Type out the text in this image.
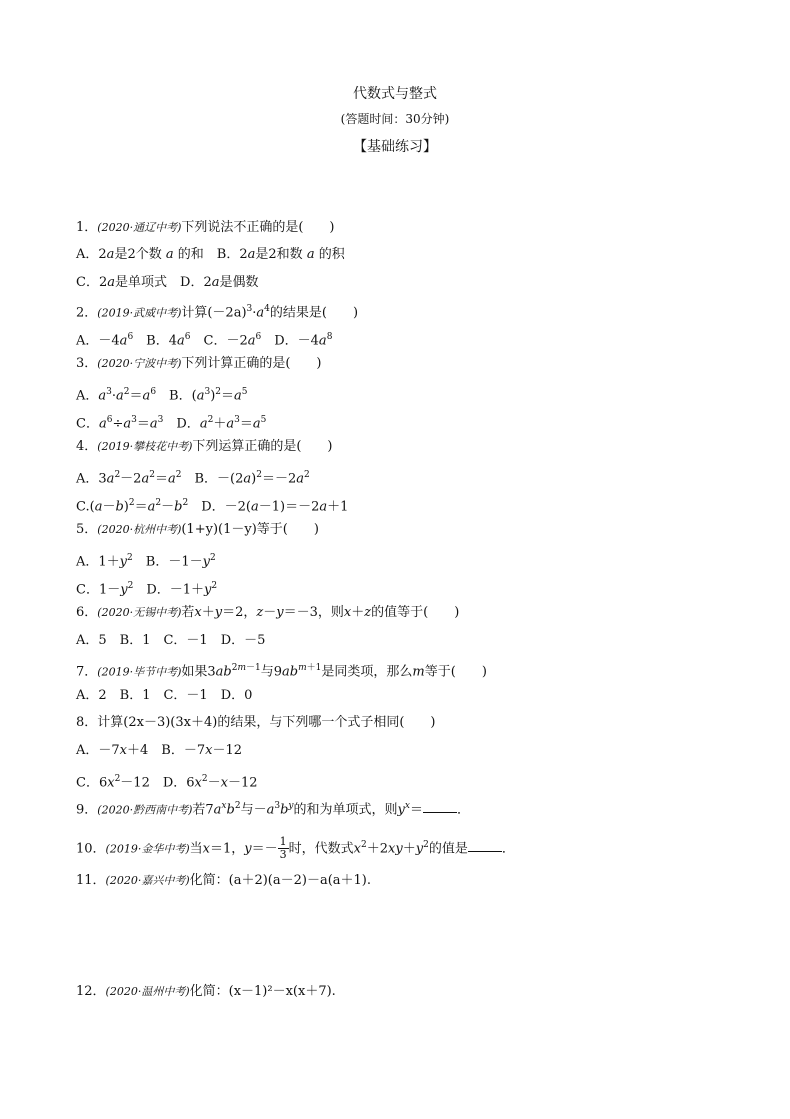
代数式与整式
(答题时间：30分钟)
【基础练习】
1．(2020·通辽中考)下列说法不正确的是(　　)
A．2a是2个数 a 的和　 B．2a是2和数 a 的积
C．2a是单项式　 D．2a是偶数
2．(2019·武威中考)计算$(-2a)^3\cdot a^4$的结果是(　　)
A．$-4a^6$　B．$4a^6$　C．$-2a^6$　D．$-4a^8$
3．(2020·宁波中考)下列计算正确的是(　　)
A．$a^3\cdot a^2=a^6$　B．$(a^3)^2=a^5$
C．$a^6\div a^3=a^3$　D．$a^2+a^3=a^5$
4．(2019·攀枝花中考)下列运算正确的是(　　)
A．$3a^2-2a^2=a^2$　B．$-(2a)^2=-2a^2$
$C.(a-b)^2=a^2-b^2$　D．－2(a－1)＝－2a＋1
5．(2020·杭州中考)(1+y)(1－y)等于(　　)
A．$1+y^2$　B．$-1-y^2$
C．$1-y^2$　D．$-1+y^2$
6．(2020·无锡中考)若x＋y＝2，z－y＝－3，则x＋z的值等于(　　)
A．5　B．1　C．－1　D．－5
7．(2019·毕节中考)如果$3ab^{2m-1}$与$9ab^{m+1}$是同类项，那么m等于(　　)
A．2　B．1　C．－1　D．0
8．计算(2x－3)(3x＋4)的结果，与下列哪一个式子相同(　　)
A．－7x＋4　B．－7x－12
C．$6x^2-12$　D．$6x^2-x-12$
9．(2020·黔西南中考)若$7a^xb^2$与$-a^3b^y$的和为单项式，则$y^x=$	．
10．(2019·金华中考)当x＝1，$y=- \frac{1}{3}$ 时，代数式$x^2+2xy+y^2$的值是	．
11．(2020·嘉兴中考)化简：(a＋2)(a－2)－a(a＋1).
12．(2020·温州中考)化简：(x－1)²－x(x＋7).
